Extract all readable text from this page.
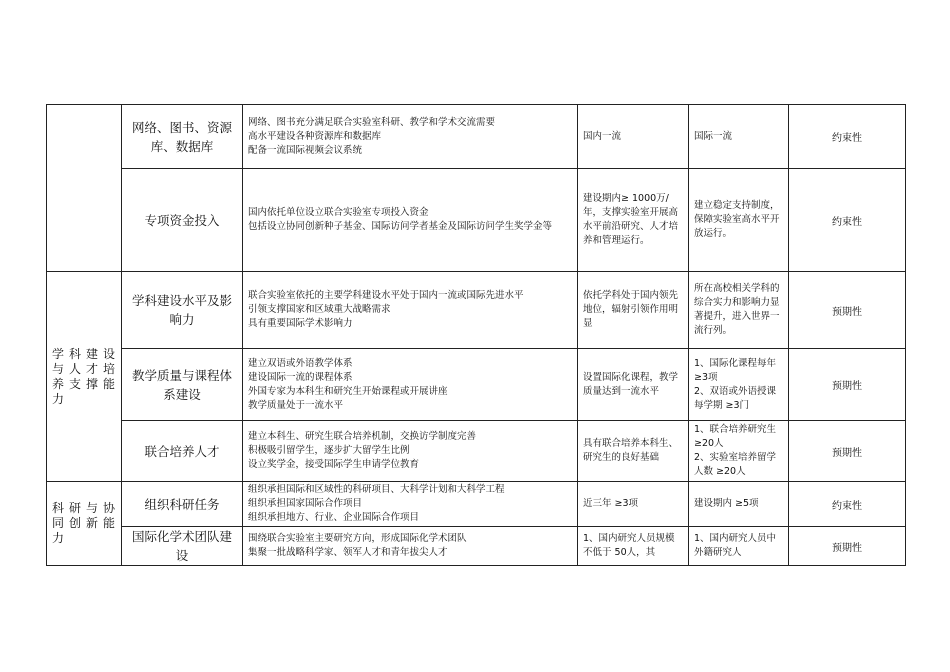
	网络、图书、资源库、数据库	网络、图书充分满足联合实验室科研、教学和学术交流需要
高水平建设各种资源库和数据库
配备一流国际视频会议系统	国内一流	国际一流	约束性
	专项资金投入	国内依托单位设立联合实验室专项投入资金
包括设立协同创新种子基金、国际访问学者基金及国际访问学生奖学金等	建设期内≥ 1000万/年，支撑实验室开展高水平前沿研究、人才培养和管理运行。	建立稳定支持制度，保障实验室高水平开放运行。	约束性
学科建设与人才培养支撑能力	学科建设水平及影响力	联合实验室依托的主要学科建设水平处于国内一流或国际先进水平
引领支撑国家和区域重大战略需求
具有重要国际学术影响力	依托学科处于国内领先地位，辐射引领作用明显	所在高校相关学科的综合实力和影响力显著提升，进入世界一流行列。	预期性
	教学质量与课程体系建设	建立双语或外语教学体系
建设国际一流的课程体系
外国专家为本科生和研究生开始课程或开展讲座
教学质量处于一流水平	设置国际化课程，教学质量达到一流水平	1、国际化课程每年≥3项
2、双语或外语授课每学期 ≥3门	预期性
	联合培养人才	建立本科生、研究生联合培养机制，交换访学制度完善
积极吸引留学生，逐步扩大留学生比例
设立奖学金，接受国际学生申请学位教育	具有联合培养本科生、研究生的良好基础	1、联合培养研究生≥20人
2、实验室培养留学人数 ≥20人	预期性
科研与协同创新能力	组织科研任务	组织承担国际和区域性的科研项目、大科学计划和大科学工程
组织承担国家国际合作项目
组织承担地方、行业、企业国际合作项目	近三年 ≥3项	建设期内 ≥5项	约束性
	国际化学术团队建设	围绕联合实验室主要研究方向，形成国际化学术团队
集聚一批战略科学家、领军人才和青年拔尖人才	1、国内研究人员规模不低于 50人，其	1、国内研究人员中外籍研究人	预期性
